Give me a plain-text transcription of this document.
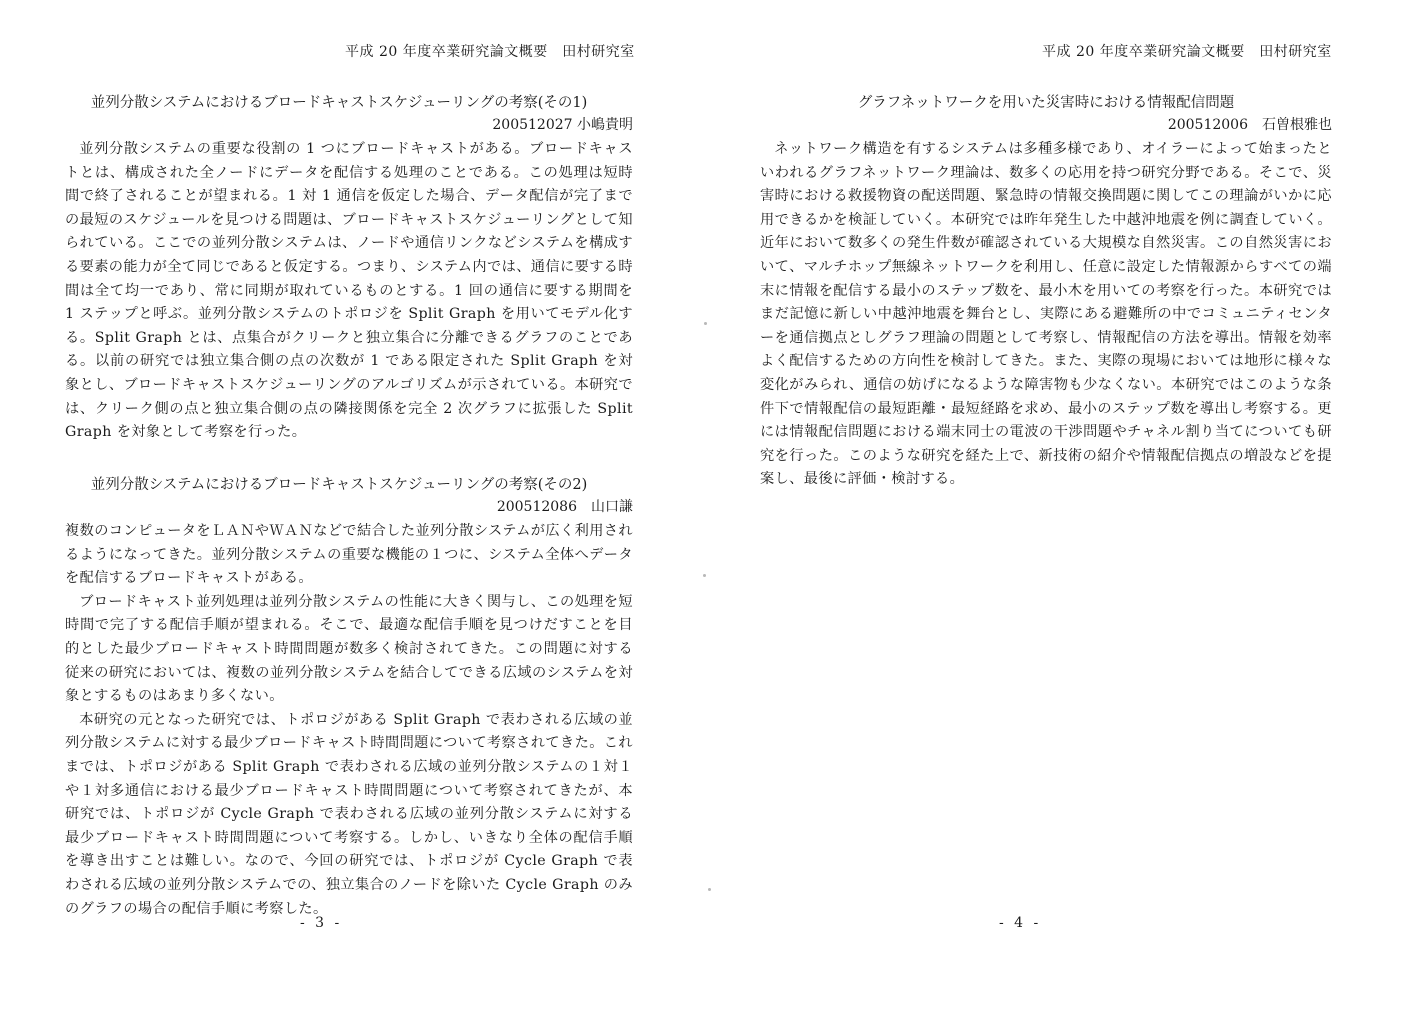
平成 20 年度卒業研究論文概要　田村研究室
並列分散システムにおけるブロードキャストスケジューリングの考察(その1)
200512027 小嶋貴明

並列分散システムの重要な役割の 1 つにブロードキャストがある。ブロードキャストとは、構成された全ノードにデータを配信する処理のことである。この処理は短時間で終了されることが望まれる。1 対 1 通信を仮定した場合、データ配信が完了までの最短のスケジュールを見つける問題は、ブロードキャストスケジューリングとして知られている。ここでの並列分散システムは、ノードや通信リンクなどシステムを構成する要素の能力が全て同じであると仮定する。つまり、システム内では、通信に要する時間は全て均一であり、常に同期が取れているものとする。1 回の通信に要する期間を 1 ステップと呼ぶ。並列分散システムのトポロジを Split Graph を用いてモデル化する。Split Graph とは、点集合がクリークと独立集合に分離できるグラフのことである。以前の研究では独立集合側の点の次数が 1 である限定された Split Graph を対象とし、ブロードキャストスケジューリングのアルゴリズムが示されている。本研究では、クリーク側の点と独立集合側の点の隣接関係を完全 2 次グラフに拡張した Split Graph を対象として考察を行った。

並列分散システムにおけるブロードキャストスケジューリングの考察(その2)
200512086　山口謙

複数のコンピュータをＬＡＮやＷＡＮなどで結合した並列分散システムが広く利用されるようになってきた。並列分散システムの重要な機能の１つに、システム全体へデータを配信するブロードキャストがある。

ブロードキャスト並列処理は並列分散システムの性能に大きく関与し、この処理を短時間で完了する配信手順が望まれる。そこで、最適な配信手順を見つけだすことを目的とした最少ブロードキャスト時間問題が数多く検討されてきた。この問題に対する従来の研究においては、複数の並列分散システムを結合してできる広域のシステムを対象とするものはあまり多くない。

本研究の元となった研究では、トポロジがある Split Graph で表わされる広域の並列分散システムに対する最少ブロードキャスト時間問題について考察されてきた。これまでは、トポロジがある Split Graph で表わされる広域の並列分散システムの１対１や１対多通信における最少ブロードキャスト時間問題について考察されてきたが、本研究では、トポロジが Cycle Graph で表わされる広域の並列分散システムに対する最少ブロードキャスト時間問題について考察する。しかし、いきなり全体の配信手順を導き出すことは難しい。なので、今回の研究では、トポロジが Cycle Graph で表わされる広域の並列分散システムでの、独立集合のノードを除いた Cycle Graph のみのグラフの場合の配信手順に考察した。

- 3 -
平成 20 年度卒業研究論文概要　田村研究室
グラフネットワークを用いた災害時における情報配信問題
200512006　石曽根雅也

ネットワーク構造を有するシステムは多種多様であり、オイラーによって始まったといわれるグラフネットワーク理論は、数多くの応用を持つ研究分野である。そこで、災害時における救援物資の配送問題、緊急時の情報交換問題に関してこの理論がいかに応用できるかを検証していく。本研究では昨年発生した中越沖地震を例に調査していく。近年において数多くの発生件数が確認されている大規模な自然災害。この自然災害において、マルチホップ無線ネットワークを利用し、任意に設定した情報源からすべての端末に情報を配信する最小のステップ数を、最小木を用いての考察を行った。本研究ではまだ記憶に新しい中越沖地震を舞台とし、実際にある避難所の中でコミュニティセンターを通信拠点としグラフ理論の問題として考察し、情報配信の方法を導出。情報を効率よく配信するための方向性を検討してきた。また、実際の現場においては地形に様々な変化がみられ、通信の妨げになるような障害物も少なくない。本研究ではこのような条件下で情報配信の最短距離・最短経路を求め、最小のステップ数を導出し考察する。更には情報配信問題における端末同士の電波の干渉問題やチャネル割り当てについても研究を行った。このような研究を経た上で、新技術の紹介や情報配信拠点の増設などを提案し、最後に評価・検討する。

- 4 -
